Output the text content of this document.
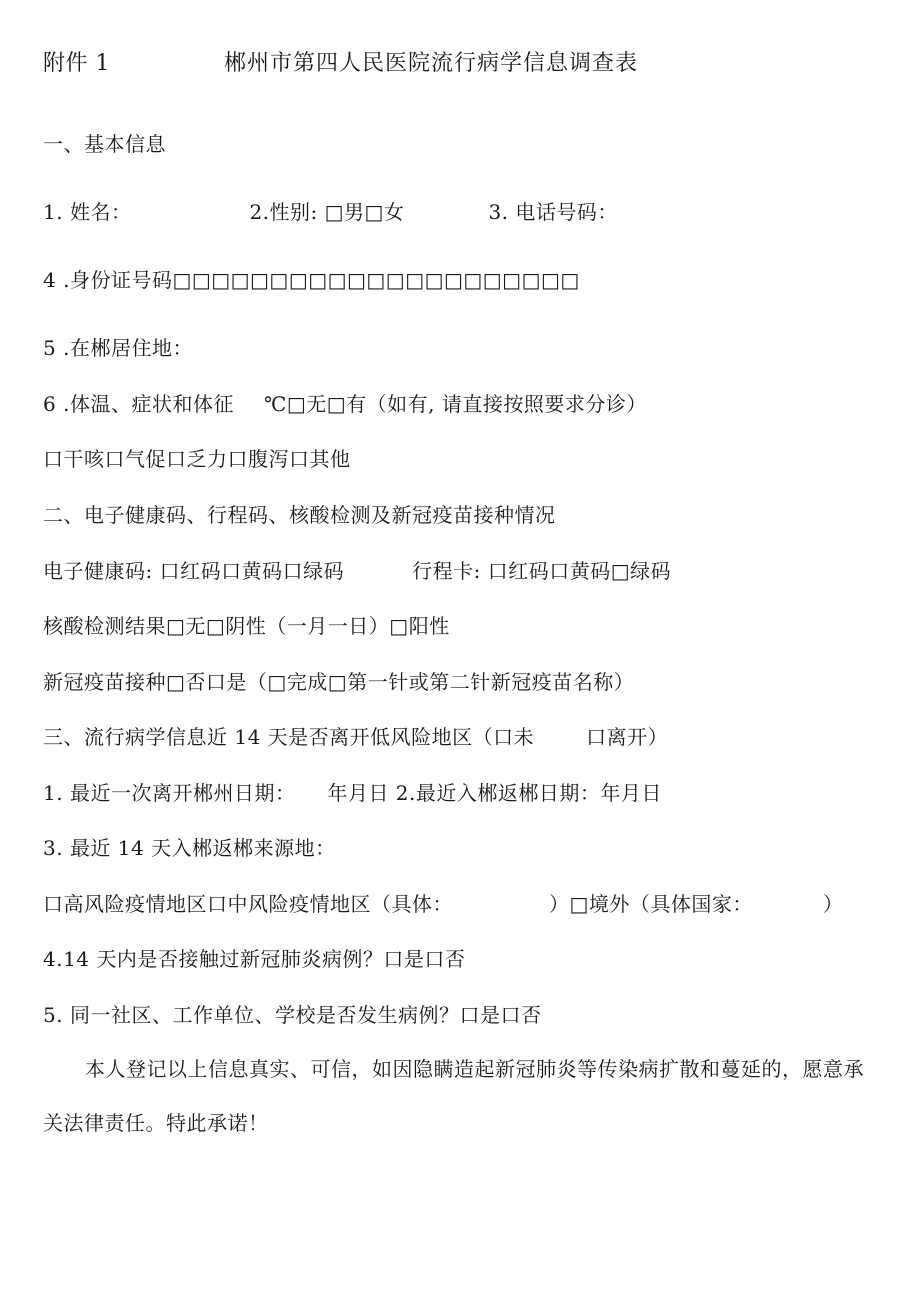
附件 1	郴州市第四人民医院流行病学信息调查表
一、基本信息
1. 姓名：	2.性别: □男□女	3. 电话号码：
4 .身份证号码□□□□□□□□□□□□□□□□□□□□□
5 .在郴居住地：
6 .体温、症状和体征 ℃□无□有（如有, 请直接按照要求分诊）
口干咳口气促口乏力口腹泻口其他
二、电子健康码、行程码、核酸检测及新冠疫苗接种情况
电子健康码: 口红码口黄码口绿码	行程卡: 口红码口黄码□绿码
核酸检测结果□无□阴性（一月一日）□阳性
新冠疫苗接种□否口是（□完成□第一针或第二针新冠疫苗名称）
三、流行病学信息近 14 天是否离开低风险地区（口未	口离开）
1. 最近一次离开郴州日期： 年月日 2.最近入郴返郴日期：年月日
3. 最近 14 天入郴返郴来源地：
口高风险疫情地区口中风险疫情地区（具体：	）□境外（具体国家：	）
4.14 天内是否接触过新冠肺炎病例？口是口否
5. 同一社区、工作单位、学校是否发生病例？口是口否
本人登记以上信息真实、可信，如因隐瞒造起新冠肺炎等传染病扩散和蔓延的，愿意承关法律责任。特此承诺！
